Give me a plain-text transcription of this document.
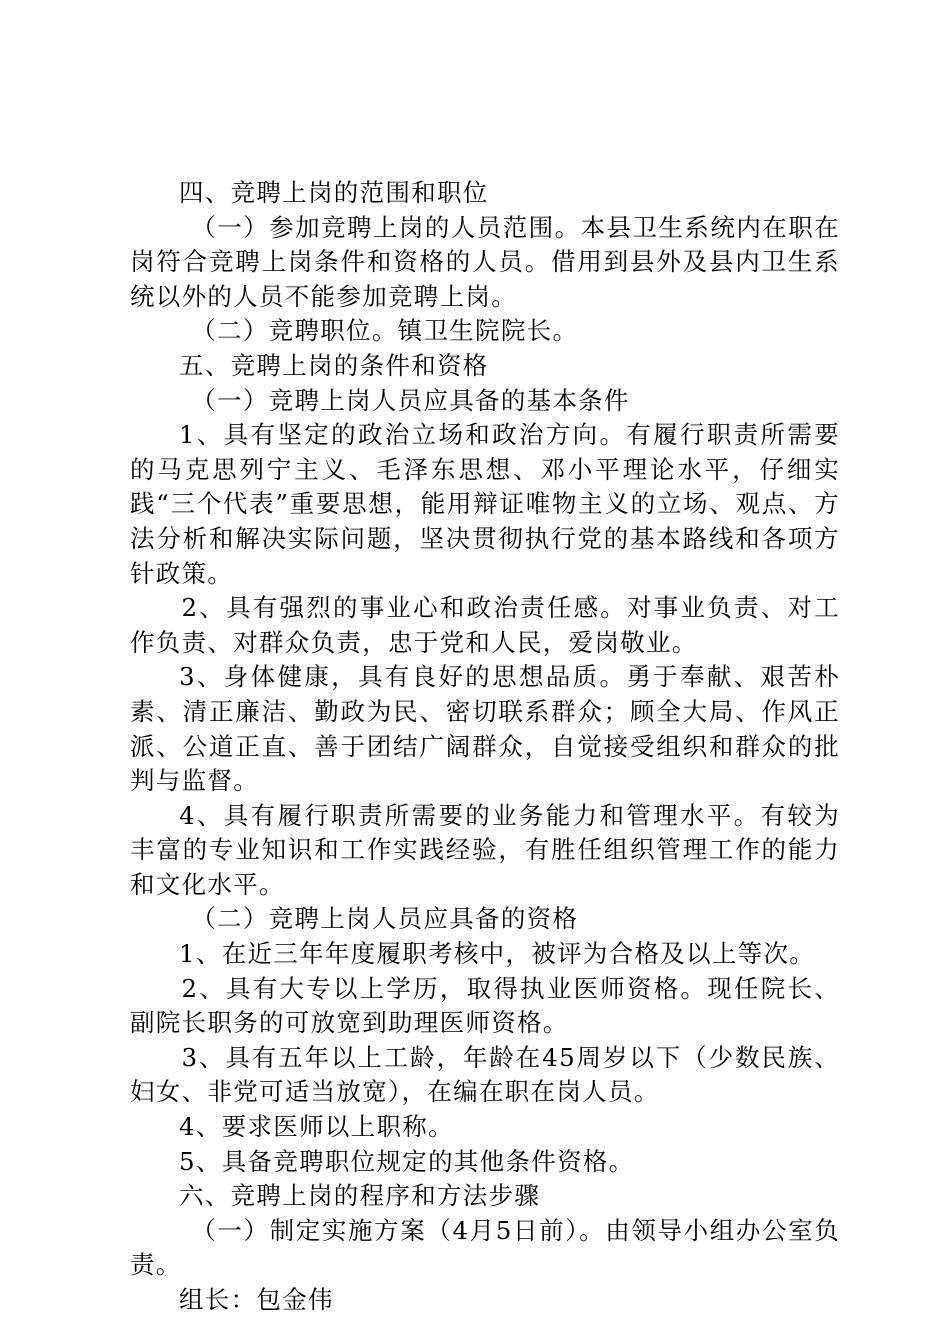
四、竞聘上岗的范围和职位

（一）参加竞聘上岗的人员范围。本县卫生系统内在职在岗符合竞聘上岗条件和资格的人员。借用到县外及县内卫生系统以外的人员不能参加竞聘上岗。

（二）竞聘职位。镇卫生院院长。

五、竞聘上岗的条件和资格

（一）竞聘上岗人员应具备的基本条件

1、具有坚定的政治立场和政治方向。有履行职责所需要的马克思列宁主义、毛泽东思想、邓小平理论水平，仔细实践“三个代表”重要思想，能用辩证唯物主义的立场、观点、方法分析和解决实际问题，坚决贯彻执行党的基本路线和各项方针政策。

2、具有强烈的事业心和政治责任感。对事业负责、对工作负责、对群众负责，忠于党和人民，爱岗敬业。

3、身体健康，具有良好的思想品质。勇于奉献、艰苦朴素、清正廉洁、勤政为民、密切联系群众；顾全大局、作风正派、公道正直、善于团结广阔群众，自觉接受组织和群众的批判与监督。

4、具有履行职责所需要的业务能力和管理水平。有较为丰富的专业知识和工作实践经验，有胜任组织管理工作的能力和文化水平。

（二）竞聘上岗人员应具备的资格

1、在近三年年度履职考核中，被评为合格及以上等次。

2、具有大专以上学历，取得执业医师资格。现任院长、副院长职务的可放宽到助理医师资格。

3、具有五年以上工龄，年龄在45周岁以下（少数民族、妇女、非党可适当放宽），在编在职在岗人员。

4、要求医师以上职称。

5、具备竞聘职位规定的其他条件资格。

六、竞聘上岗的程序和方法步骤

（一）制定实施方案（4月5日前）。由领导小组办公室负责。

组长：包金伟
